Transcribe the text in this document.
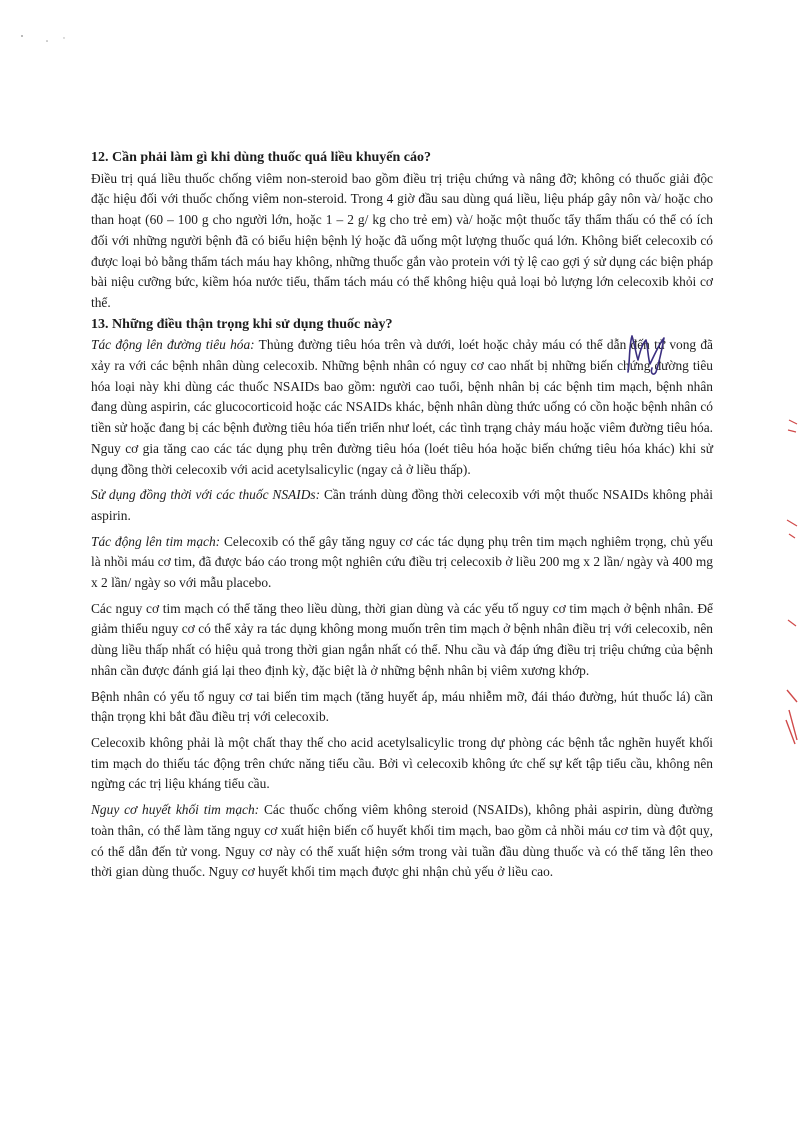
12. Cần phải làm gì khi dùng thuốc quá liều khuyến cáo?

Điều trị quá liều thuốc chống viêm non-steroid bao gồm điều trị triệu chứng và nâng đỡ; không có thuốc giải độc đặc hiệu đối với thuốc chống viêm non-steroid. Trong 4 giờ đầu sau dùng quá liều, liệu pháp gây nôn và/ hoặc cho than hoạt (60 – 100 g cho người lớn, hoặc 1 – 2 g/ kg cho trẻ em) và/ hoặc một thuốc tẩy thẩm thấu có thể có ích đối với những người bệnh đã có biểu hiện bệnh lý hoặc đã uống một lượng thuốc quá lớn. Không biết celecoxib có được loại bỏ bằng thẩm tách máu hay không, những thuốc gắn vào protein với tỷ lệ cao gợi ý sử dụng các biện pháp bài niệu cưỡng bức, kiềm hóa nước tiểu, thẩm tách máu có thể không hiệu quả loại bỏ lượng lớn celecoxib khỏi cơ thể.

13. Những điều thận trọng khi sử dụng thuốc này?

Tác động lên đường tiêu hóa: Thủng đường tiêu hóa trên và dưới, loét hoặc chảy máu có thể dẫn đến tử vong đã xảy ra với các bệnh nhân dùng celecoxib. Những bệnh nhân có nguy cơ cao nhất bị những biến chứng đường tiêu hóa loại này khi dùng các thuốc NSAIDs bao gồm: người cao tuổi, bệnh nhân bị các bệnh tim mạch, bệnh nhân đang dùng aspirin, các glucocorticoid hoặc các NSAIDs khác, bệnh nhân dùng thức uống có cồn hoặc bệnh nhân có tiền sử hoặc đang bị các bệnh đường tiêu hóa tiến triển như loét, các tình trạng chảy máu hoặc viêm đường tiêu hóa. Nguy cơ gia tăng cao các tác dụng phụ trên đường tiêu hóa (loét tiêu hóa hoặc biến chứng tiêu hóa khác) khi sử dụng đồng thời celecoxib với acid acetylsalicylic (ngay cả ở liều thấp).

Sử dụng đồng thời với các thuốc NSAIDs: Cần tránh dùng đồng thời celecoxib với một thuốc NSAIDs không phải aspirin.

Tác động lên tim mạch: Celecoxib có thể gây tăng nguy cơ các tác dụng phụ trên tim mạch nghiêm trọng, chủ yếu là nhồi máu cơ tim, đã được báo cáo trong một nghiên cứu điều trị celecoxib ở liều 200 mg x 2 lần/ ngày và 400 mg x 2 lần/ ngày so với mẫu placebo.

Các nguy cơ tim mạch có thể tăng theo liều dùng, thời gian dùng và các yếu tố nguy cơ tim mạch ở bệnh nhân. Để giảm thiểu nguy cơ có thể xảy ra tác dụng không mong muốn trên tim mạch ở bệnh nhân điều trị với celecoxib, nên dùng liều thấp nhất có hiệu quả trong thời gian ngắn nhất có thể. Nhu cầu và đáp ứng điều trị triệu chứng của bệnh nhân cần được đánh giá lại theo định kỳ, đặc biệt là ở những bệnh nhân bị viêm xương khớp.

Bệnh nhân có yếu tố nguy cơ tai biến tim mạch (tăng huyết áp, máu nhiễm mỡ, đái tháo đường, hút thuốc lá) cần thận trọng khi bắt đầu điều trị với celecoxib.

Celecoxib không phải là một chất thay thế cho acid acetylsalicylic trong dự phòng các bệnh tắc nghẽn huyết khối tim mạch do thiếu tác động trên chức năng tiểu cầu. Bởi vì celecoxib không ức chế sự kết tập tiểu cầu, không nên ngừng các trị liệu kháng tiểu cầu.

Nguy cơ huyết khối tim mạch: Các thuốc chống viêm không steroid (NSAIDs), không phải aspirin, dùng đường toàn thân, có thể làm tăng nguy cơ xuất hiện biến cố huyết khối tim mạch, bao gồm cả nhồi máu cơ tim và đột quỵ, có thể dẫn đến tử vong. Nguy cơ này có thể xuất hiện sớm trong vài tuần đầu dùng thuốc và có thể tăng lên theo thời gian dùng thuốc. Nguy cơ huyết khối tim mạch được ghi nhận chủ yếu ở liều cao.
